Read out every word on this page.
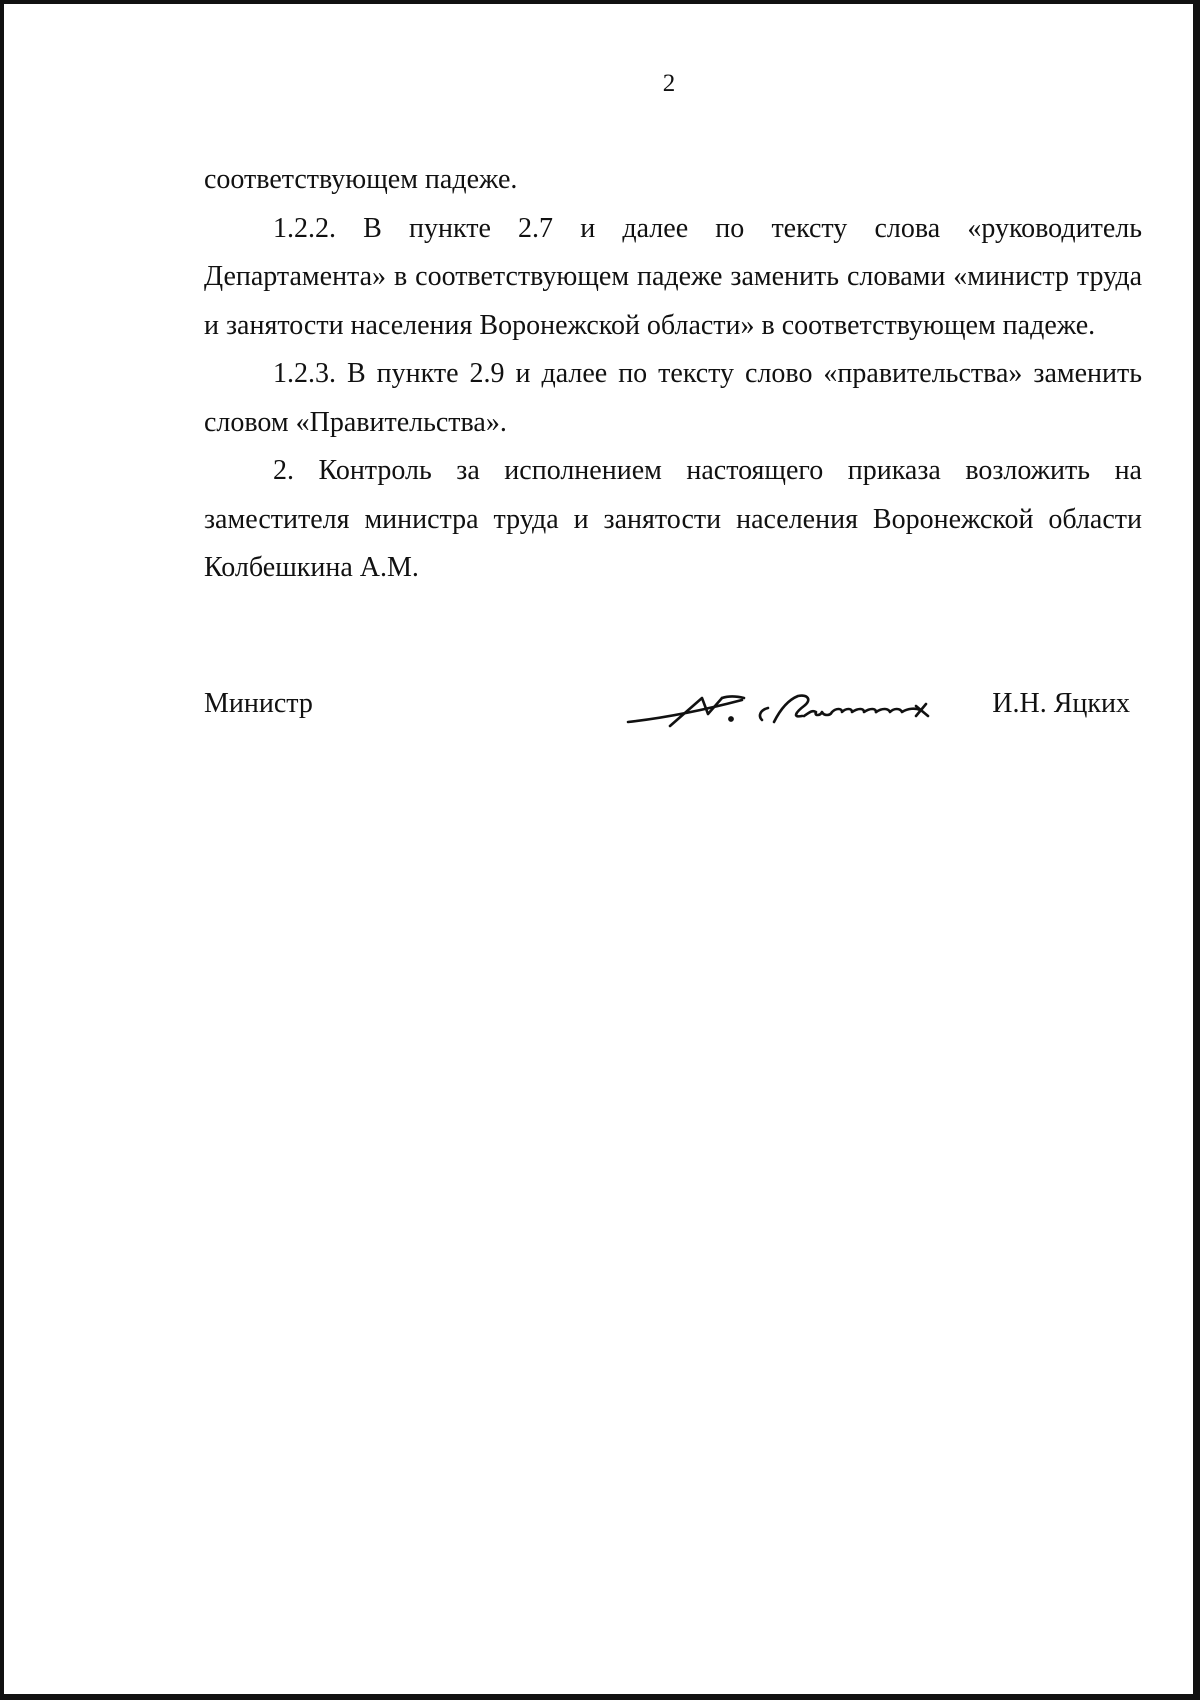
2

соответствующем падеже.

1.2.2. В пункте 2.7 и далее по тексту слова «руководитель Департамента» в соответствующем падеже заменить словами «министр труда и занятости населения Воронежской области» в соответствующем падеже.

1.2.3. В пункте 2.9 и далее по тексту слово «правительства» заменить словом «Правительства».

2. Контроль за исполнением настоящего приказа возложить на заместителя министра труда и занятости населения Воронежской области Колбешкина А.М.

Министр	И.Н. Яцких
